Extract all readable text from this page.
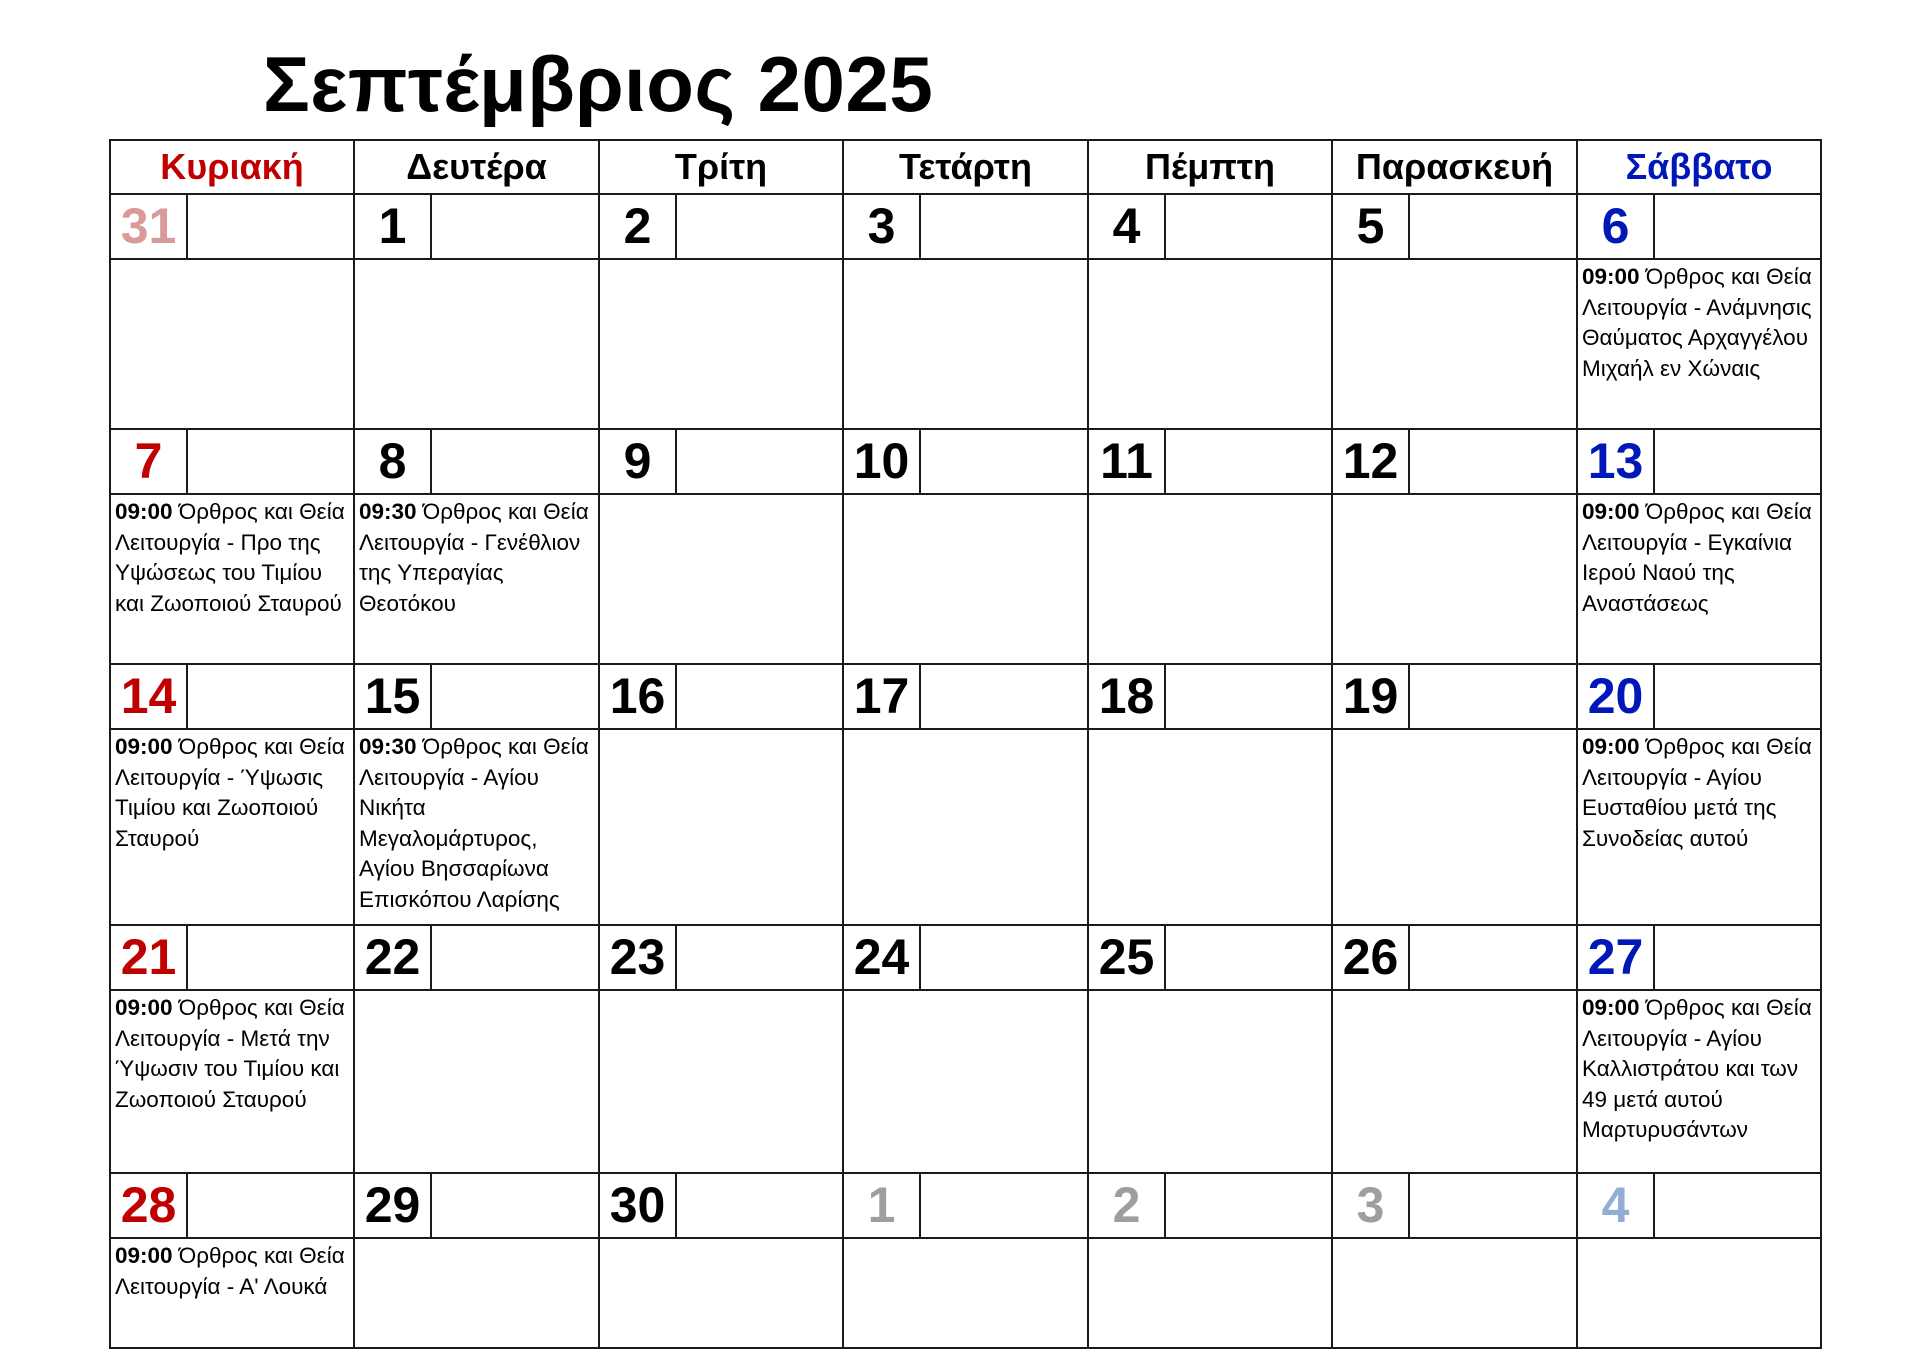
Σεπτέμβριος 2025
Κυριακή	Δευτέρα	Τρίτη	Τετάρτη	Πέμπτη	Παρασκευή	Σάββατο

31	1	2	3	4	5	6

						09:00 Όρθρος και Θεία Λειτουργία - Ανάμνησις Θαύματος Αρχαγγέλου Μιχαήλ εν Χώναις

7	8	9	10	11	12	13

09:00 Όρθρος και Θεία Λειτουργία - Προ της Υψώσεως του Τιμίου και Ζωοποιού Σταυρού	09:30 Όρθρος και Θεία Λειτουργία - Γενέθλιον της Υπεραγίας Θεοτόκου					09:00 Όρθρος και Θεία Λειτουργία - Εγκαίνια Ιερού Ναού της Αναστάσεως

14	15	16	17	18	19	20

09:00 Όρθρος και Θεία Λειτουργία - Ύψωσις Τιμίου και Ζωοποιού Σταυρού	09:30 Όρθρος και Θεία Λειτουργία - Αγίου Νικήτα Μεγαλομάρτυρος, Αγίου Βησσαρίωνα Επισκόπου Λαρίσης					09:00 Όρθρος και Θεία Λειτουργία - Αγίου Ευσταθίου μετά της Συνοδείας αυτού

21	22	23	24	25	26	27

09:00 Όρθρος και Θεία Λειτουργία - Μετά την Ύψωσιν του Τιμίου και Ζωοποιού Σταυρού						09:00 Όρθρος και Θεία Λειτουργία - Αγίου Καλλιστράτου και των 49 μετά αυτού Μαρτυρυσάντων

28	29	30	1	2	3	4

09:00 Όρθρος και Θεία Λειτουργία - Α' Λουκά						
